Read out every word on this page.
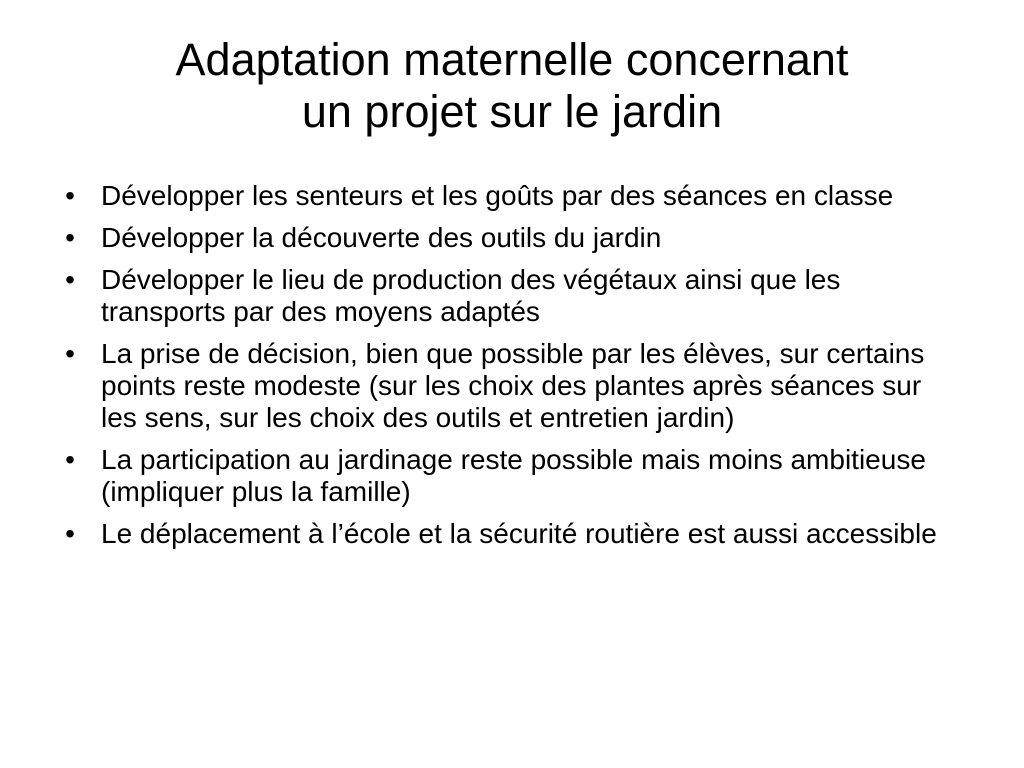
Adaptation maternelle concernant
un projet sur le jardin
• Développer les senteurs et les goûts par des séances en classe
• Développer la découverte des outils du jardin
• Développer le lieu de production des végétaux ainsi que les transports par des moyens adaptés
• La prise de décision, bien que possible par les élèves, sur certains points reste modeste (sur les choix des plantes après séances sur les sens, sur les choix des outils et entretien jardin)
• La participation au jardinage reste possible mais moins ambitieuse (impliquer plus la famille)
• Le déplacement à l’école et la sécurité routière est aussi accessible
